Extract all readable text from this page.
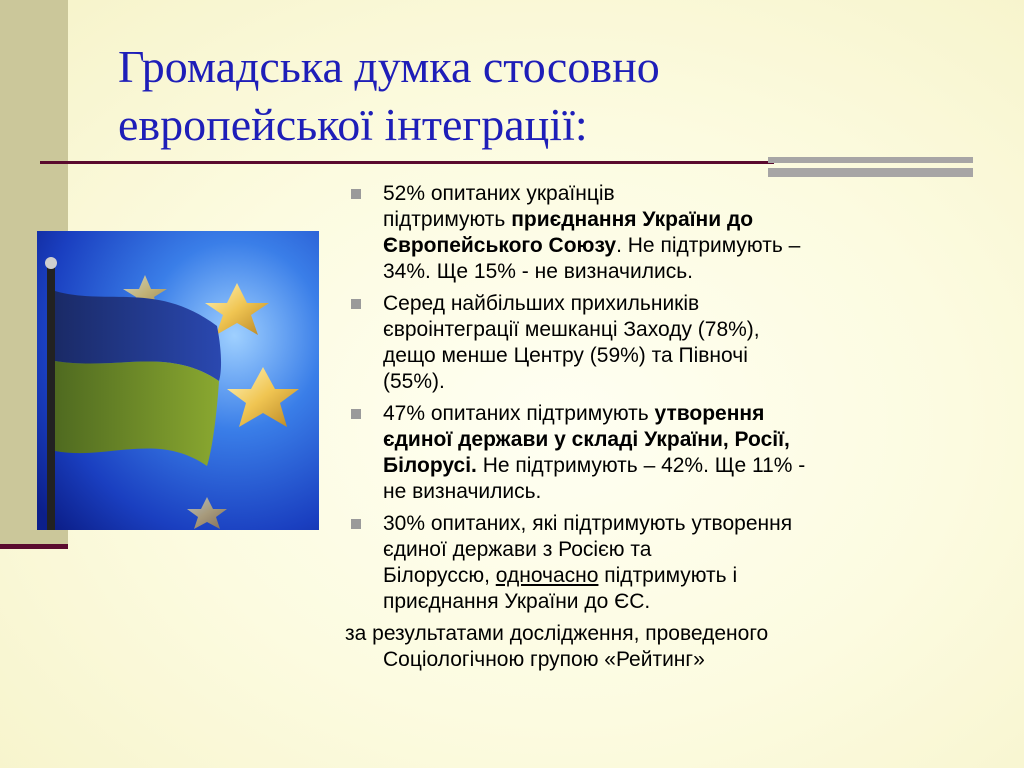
Громадська думка стосовно
европейської інтеграції:
52% опитаних українців
підтримують приєднання України до
Європейського Союзу. Не підтримують –
34%. Ще 15% - не визначились.
Серед найбільших прихильників
євроінтеграції мешканці Заходу (78%),
дещо менше Центру (59%) та Півночі
(55%).
47% опитаних підтримують утворення
єдиної держави у складі України, Росії,
Білорусі. Не підтримують – 42%. Ще 11% -
не визначились.
30% опитаних, які підтримують утворення
єдиної держави з Росією та
Білоруссю, одночасно підтримують і
приєднання України до ЄС.
за результатами дослідження, проведеного
Соціологічною групою «Рейтинг»
